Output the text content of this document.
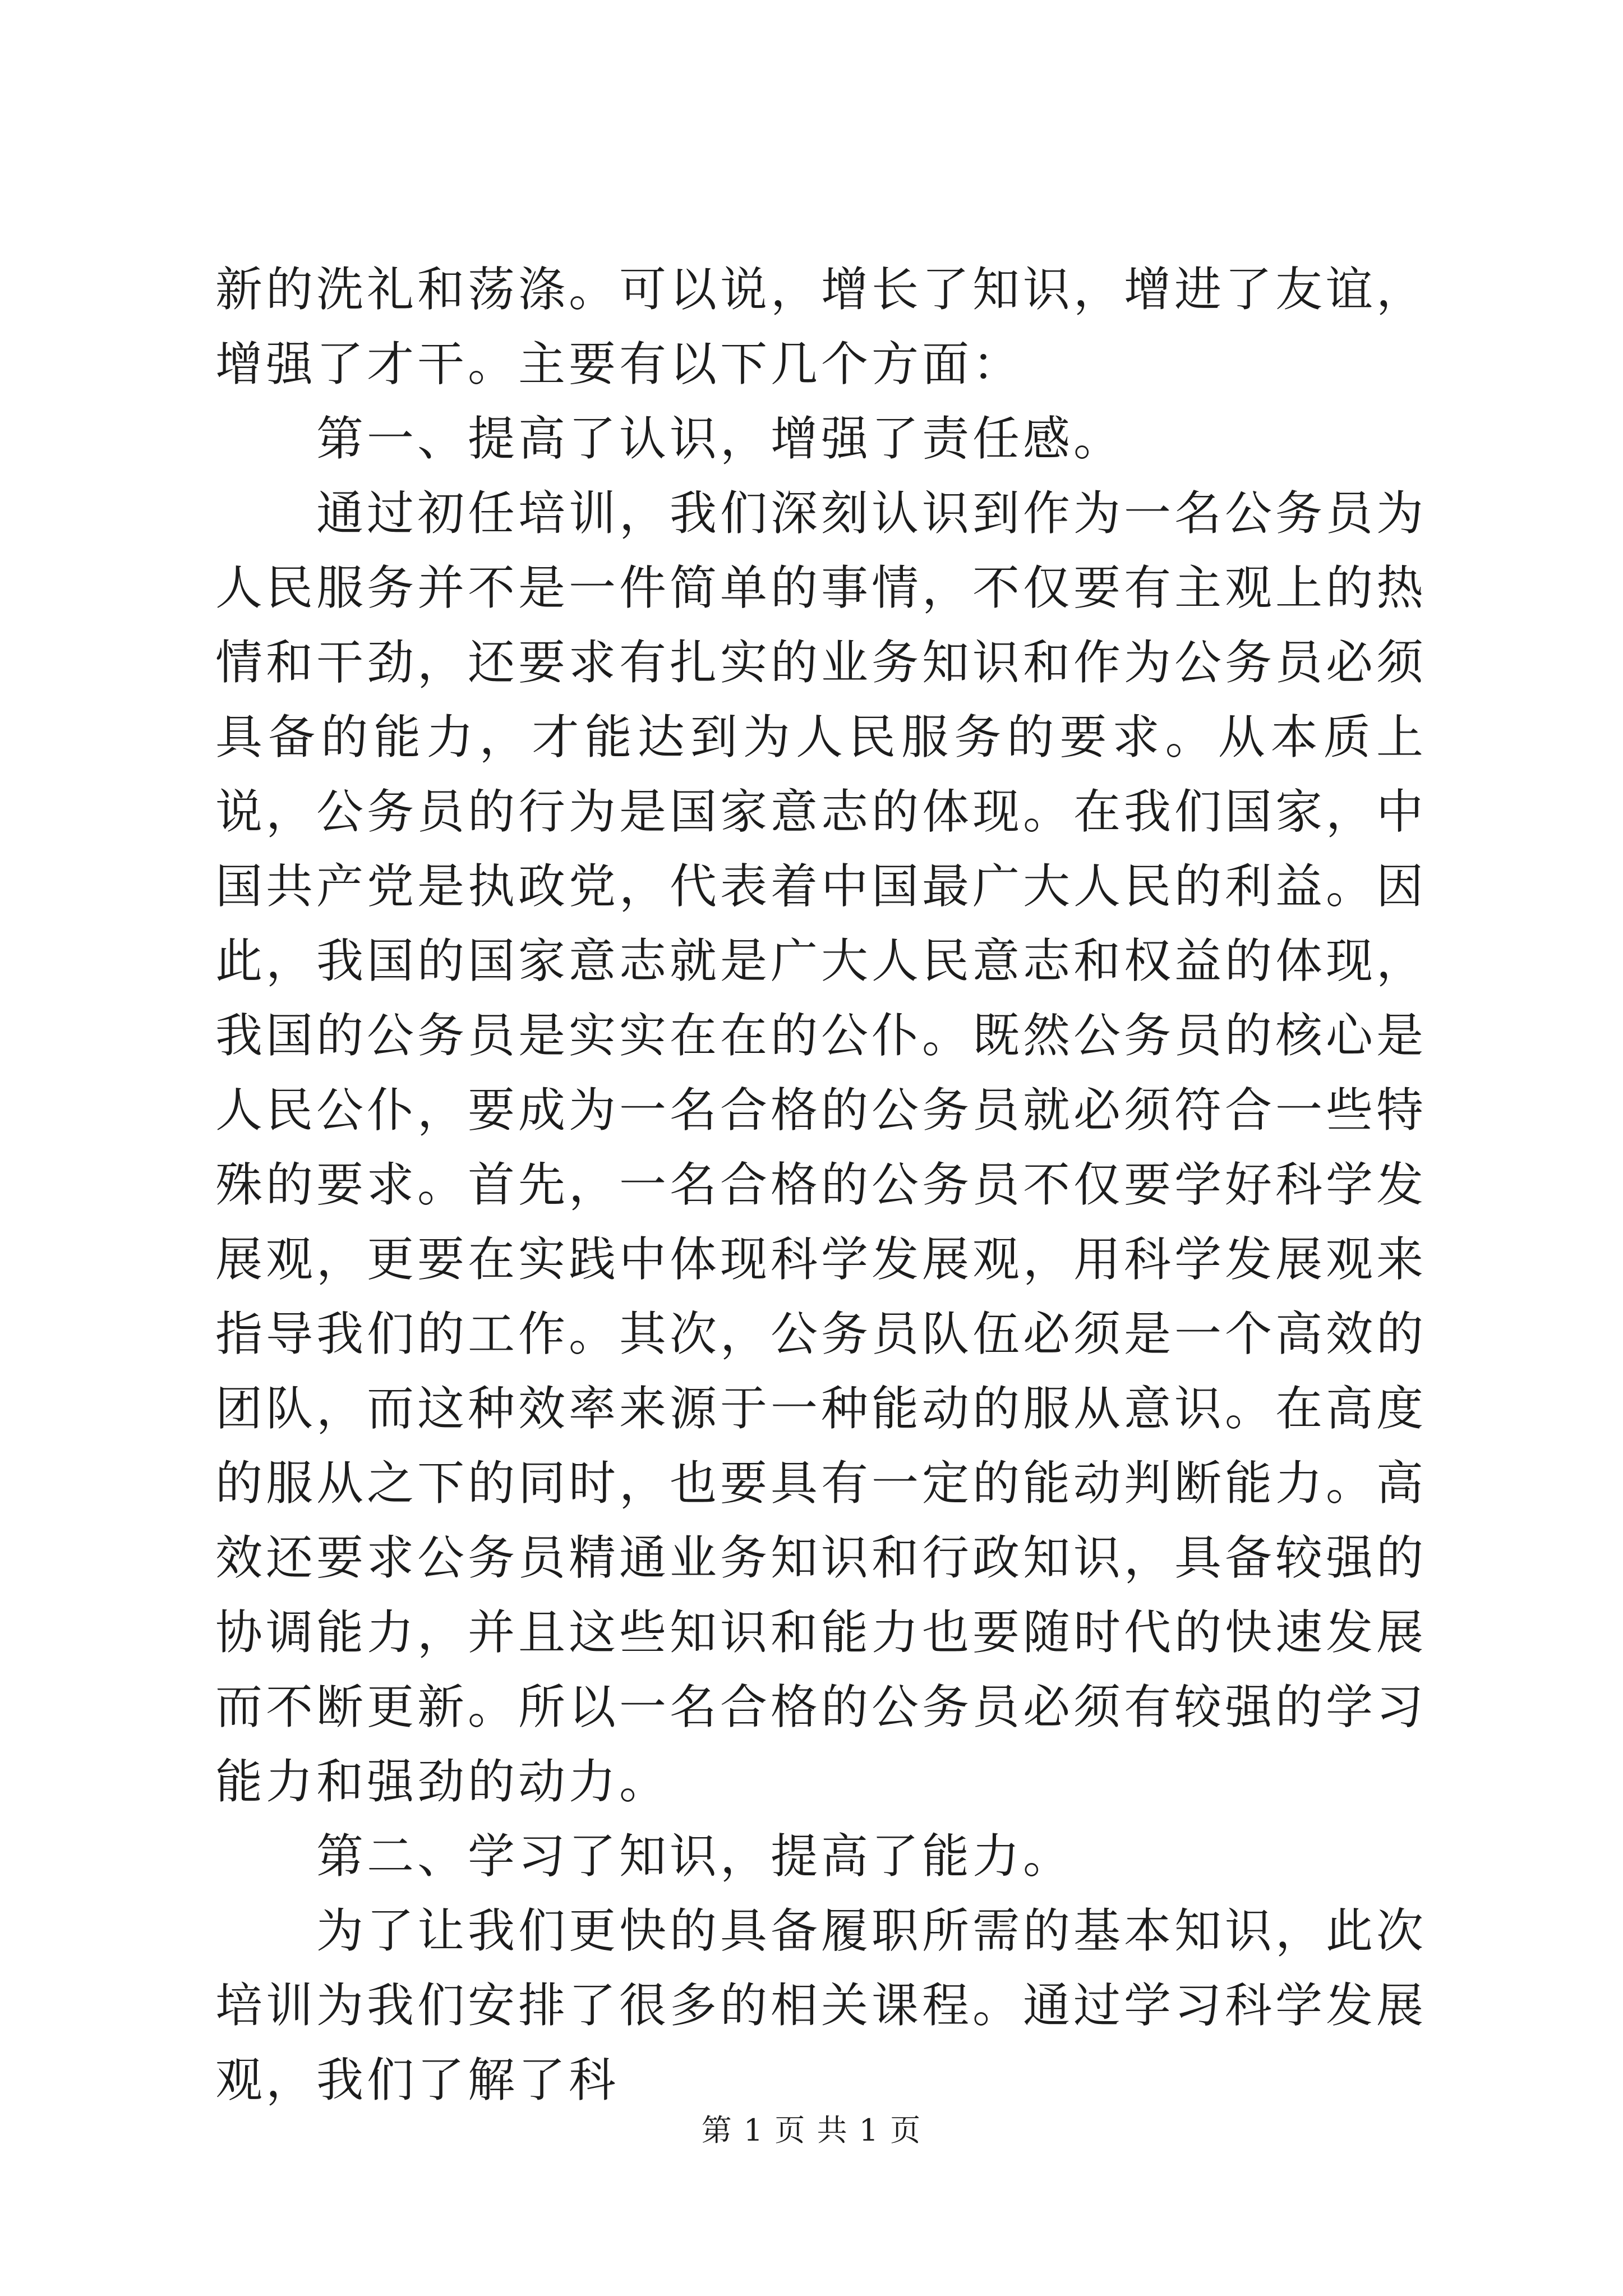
新的洗礼和荡涤。可以说，增长了知识，增进了友谊，增强了才干。主要有以下几个方面：

第一、提高了认识，增强了责任感。

通过初任培训，我们深刻认识到作为一名公务员为人民服务并不是一件简单的事情，不仅要有主观上的热情和干劲，还要求有扎实的业务知识和作为公务员必须具备的能力，才能达到为人民服务的要求。从本质上说，公务员的行为是国家意志的体现。在我们国家，中国共产党是执政党，代表着中国最广大人民的利益。因此，我国的国家意志就是广大人民意志和权益的体现，我国的公务员是实实在在的公仆。既然公务员的核心是人民公仆，要成为一名合格的公务员就必须符合一些特殊的要求。首先，一名合格的公务员不仅要学好科学发展观，更要在实践中体现科学发展观，用科学发展观来指导我们的工作。其次，公务员队伍必须是一个高效的团队，而这种效率来源于一种能动的服从意识。在高度的服从之下的同时，也要具有一定的能动判断能力。高效还要求公务员精通业务知识和行政知识，具备较强的协调能力，并且这些知识和能力也要随时代的快速发展而不断更新。所以一名合格的公务员必须有较强的学习能力和强劲的动力。

第二、学习了知识，提高了能力。

为了让我们更快的具备履职所需的基本知识，此次培训为我们安排了很多的相关课程。通过学习科学发展观，我们了解了科

第 1 页 共 1 页
